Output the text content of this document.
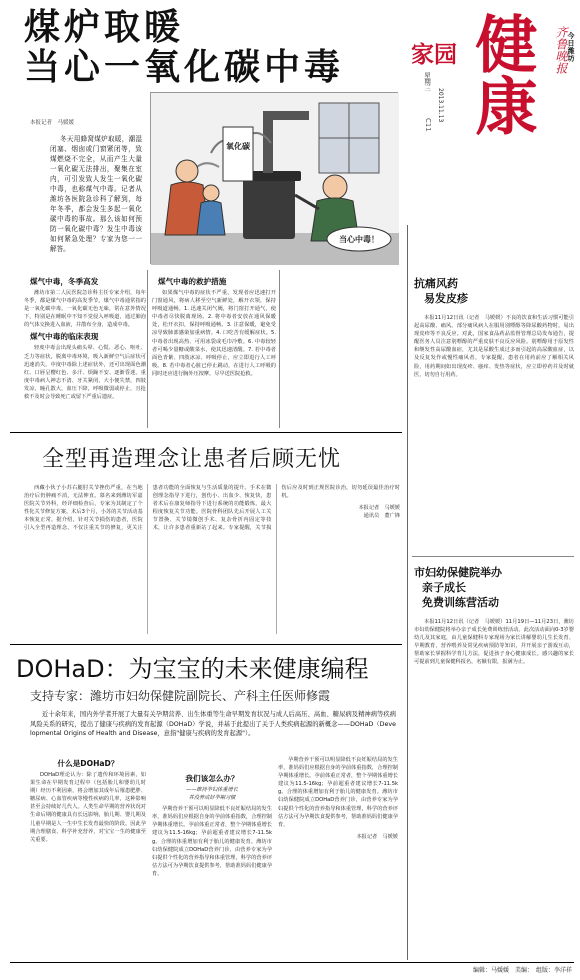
齐鲁晚报 今日潍坊
健康
家园
星期三
2013.11.13
C11
煤炉取暖
当心一氧化碳中毒
本报记者　马媛媛

冬天用蜂窝煤炉取暖，潮湿闭塞、烟囱或门窗紧闭等，致煤燃烧不完全，从而产生大量一氧化碳无法排出，聚集在室内，可引发致人发生一氧化碳中毒，也称煤气中毒。记者从潍坊各医院急诊科了解到，每年冬季，都会发生多起一氧化碳中毒的事故。那么该如何预防一氧化碳中毒？发生中毒该如何紧急处理？专家为您一一解答。

氧化碳
当心中毒！
煤气中毒，冬季高发

潍坊市第二人民医院急诊科主任专家介绍，每年冬季，都是煤气中毒的高发季节。煤气中毒通常指的是一氧化碳中毒。一氧化碳无色无味，常在意外情况下，特别是在睡眠中不知不觉侵入呼吸道，通过肺泡的气体交换进入血液，并散布全身，造成中毒。

煤气中毒的临床表现

轻度中毒会出现头痛头晕、心慌、恶心、呕吐、乏力等症状，脱离中毒环境，吸入新鲜空气后症状可迅速消失。中度中毒除上述症状外，还可出现面色潮红、口唇呈樱红色、多汗、烦躁不安、逐渐昏迷。重度中毒病人神志不清、牙关紧闭、大小便失禁，四肢发凉，瞳孔散大，血压下降，呼吸微弱或停止，且抢救不及时会导致死亡或留下严重后遗症。

煤气中毒的救护措施

如果煤气中毒的症状不严重，发现者应迅速打开门窗通风，将病人移至空气新鲜处，解开衣领，保持呼吸道通畅。1. 迅速关闭气阀，将门窗打开通气，使中毒者尽快脱离现场。2. 将中毒者安放在通风保暖处，松开衣扣，保持呼吸通畅。3. 注意保暖，避免受凉导致肺部感染加重病情。4. 口吃苦有缓解症状。5. 中毒者出现高热、可用冰袋或毛巾冷敷。6. 中毒较轻者可喝少量糖或酸菜水，使其迅速清醒。7. 若中毒者面色青紫、四肢冰凉、呼吸停止，应立即进行人工呼吸。8. 若中毒者心脏已停止跳动，在进行人工呼吸的同时还应进行胸外压按摩，尽早送医院抢救。

全型再造理念让患者后顾无忧

西藏小伙子小苏右腿肘关节挫伤严重，在当地治疗后仍肿痛不消，无法伸直。慕名来到潍坊军嘉医院关节外科，经详细检查后，专家为其制定了个性化关节修复方案。术后3个月，小苏的关节活动基本恢复正常。据介绍，针对关节损伤的患者，医院引入全型再造理念，不仅注重关节的修复，更关注患者功能的全面恢复与生活质量的提升。手术在微创理念指导下进行，创伤小、出血少、恢复快，患者术后在康复师指导下进行系统的功能锻炼，最大程度恢复关节功能。医院骨科团队先后开展人工关节置换、关节镜微创手术、复杂骨折内固定等技术，让许多患者重新站了起来。专家提醒，关节损伤后应及时到正规医院诊治，切勿延误最佳治疗时机。

本报记者　马媛媛

通讯员　董广锋

DOHaD：为宝宝的未来健康编程
支持专家：潍坊市妇幼保健院副院长、产科主任医师修霞
近十余年来，国内外学者开展了大量有关孕期营养、出生体重等生命早期发育状况与成人后高压、高血、糖尿病及精神病等疾病风险关系的研究，提出了健康与疾病的发育起源（DOHaD）学说，并基于此提出了关于人类疾病起源的新概念——DOHaD（Developmental Origins of Health and Disease，意指"健康与疾病的发育起源"）。
什么是DOHaD？

DOHaD理论认为：除了遗传和环境因素，如果生命在早期发育过程中（包括胎儿和婴幼儿时期）经历不利因素，将会增加其成年后罹患肥胖、糖尿病、心血管疾病等慢性疾病的几率，这种影响甚至会持续好几代人。人类生命早期的营养状况对生命后期的健康具有长远影响，胎儿期、婴儿期及儿童早期是人一生中生长发育最快的阶段。因此孕期合理膳食、科学补充营养，对宝宝一生的健康至关重要。

我们该怎么办？
——维持孕妇体重增长
并没养成好孕期习惯

孕期营养干预可以明显降低不良妊娠结局的发生率，准妈妈们应根据自身的孕前体重指数，合理控制孕期体重增长。孕前体重正常者，整个孕期体重增长建议为11.5-16kg；孕前超重者建议增长7-11.5kg。合理的体重增加有利于胎儿的健康发育。潍坊市妇幼保健院成立DOHaD营养门诊，由营养专家为孕妇提供个性化的营养指导和体重管理，科学的营养评估方法可为孕期饮食提供参考，帮助准妈妈们健康孕育。

孕期营养干预可以明显降低不良妊娠结局的发生率，准妈妈们应根据自身的孕前体重指数，合理控制孕期体重增长。孕前体重正常者，整个孕期体重增长建议为11.5-16kg；孕前超重者建议增长7-11.5kg。合理的体重增加有利于胎儿的健康发育。潍坊市妇幼保健院成立DOHaD营养门诊，由营养专家为孕妇提供个性化的营养指导和体重管理，科学的营养评估方法可为孕期饮食提供参考，帮助准妈妈们健康孕育。

本报记者　马媛媛

抗痛风药
易发皮疹

本报11月12日讯（记者　马媛媛）不良的饮食和生活习惯可能引起高尿酸、痛风。部分痛风病人在服用别嘌醇等降尿酸药物时，易出现皮疹等不良反应。对此，国家食品药品监督管理总局发布通告，提醒医务人员注意别嘌醇的严重皮肤不良反应风险。别嘌醇用于原发性和继发性高尿酸血症，尤其是尿酸生成过多而引起的高尿酸血症，以及反复发作或慢性痛风者。专家提醒，患者在用药前应了解相关风险，用药期间如出现皮疹、瘙痒、发热等症状，应立即停药并及时就医，切勿自行用药。

市妇幼保健院举办
亲子成长
免费训练营活动

本报11月12日讯（记者　马媛媛）11月19日—11月23日，潍坊市妇幼保健院将举办亲子成长免费训练营活动。此次活动面向0-3岁婴幼儿及其家庭，由儿童保健科专家现场为家长讲解婴幼儿生长发育、早期教育、营养喂养及常见疾病预防等知识，并开展亲子游戏互动，帮助家长掌握科学育儿方法，促进孩子身心健康成长。感兴趣的家长可提前到儿童保健科报名，名额有限，报满为止。

编辑：马媛媛　美编：　组版：李洋祥
